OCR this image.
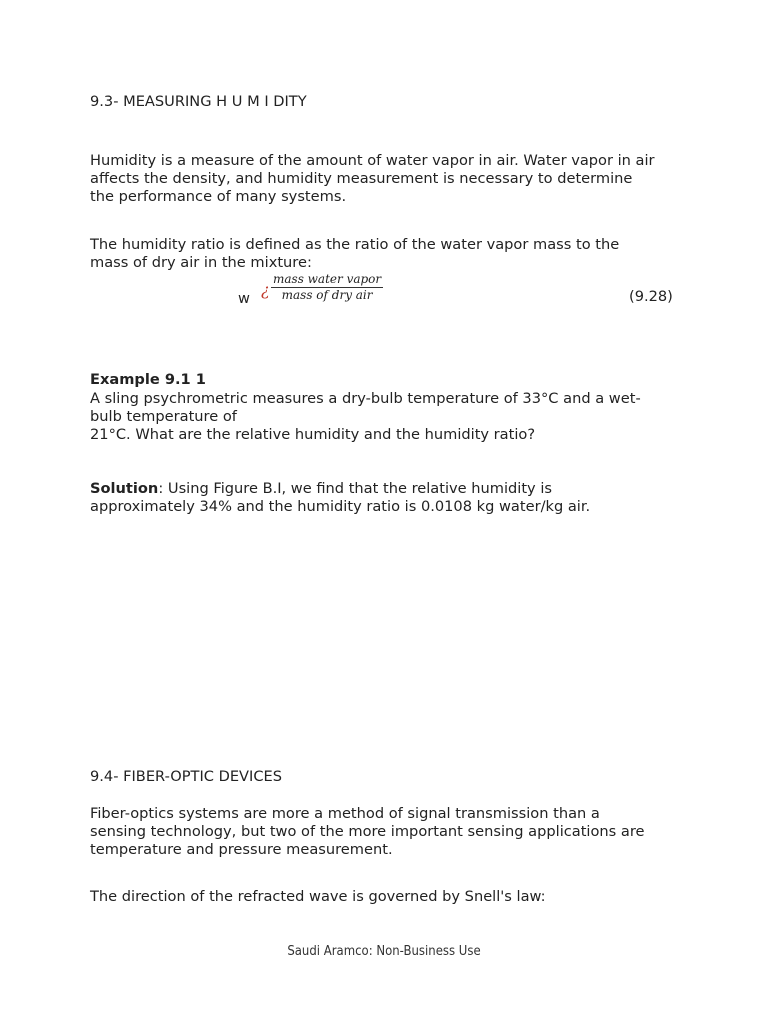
9.3- MEASURING H U M I DITY
Humidity is a measure of the amount of water vapor in air. Water vapor in air
affects the density, and humidity measurement is necessary to determine
the performance of many systems.
The humidity ratio is defined as the ratio of the water vapor mass to the
mass of dry air in the mixture:
w ¿
mass water vapor
mass of dry air	(9.28)
Example 9.1 1
A sling psychrometric measures a dry-bulb temperature of 33°C and a wet-
bulb temperature of
21°C. What are the relative humidity and the humidity ratio?
Solution: Using Figure B.I, we find that the relative humidity is
approximately 34% and the humidity ratio is 0.0108 kg water/kg air.
9.4- FIBER-OPTIC DEVICES
Fiber-optics systems are more a method of signal transmission than a
sensing technology, but two of the more important sensing applications are
temperature and pressure measurement.
The direction of the refracted wave is governed by Snell's law:
Saudi Aramco: Non-Business Use
